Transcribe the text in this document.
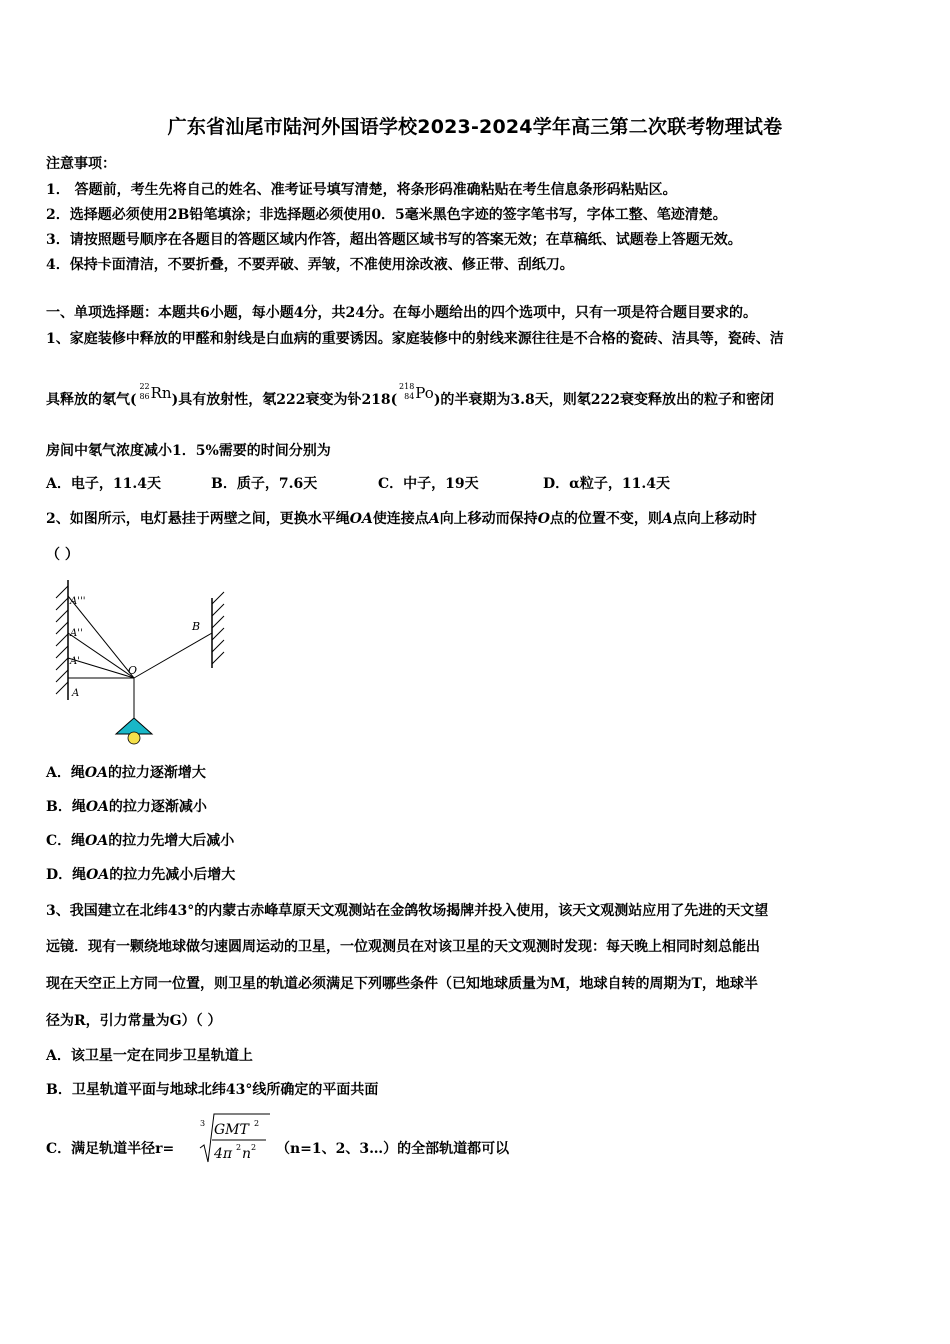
广东省汕尾市陆河外国语学校2023-2024学年高三第二次联考物理试卷
注意事项：
1． 答题前，考生先将自己的姓名、准考证号填写清楚，将条形码准确粘贴在考生信息条形码粘贴区。
2．选择题必须使用2B铅笔填涂；非选择题必须使用0．5毫米黑色字迹的签字笔书写，字体工整、笔迹清楚。
3．请按照题号顺序在各题目的答题区域内作答，超出答题区域书写的答案无效；在草稿纸、试题卷上答题无效。
4．保持卡面清洁，不要折叠，不要弄破、弄皱，不准使用涂改液、修正带、刮纸刀。
一、单项选择题：本题共6小题，每小题4分，共24分。在每小题给出的四个选项中，只有一项是符合题目要求的。
1、家庭装修中释放的甲醛和射线是白血病的重要诱因。家庭装修中的射线来源往往是不合格的瓷砖、洁具等，瓷砖、洁
具释放的氡气(
22
86 Rn)具有放射性，氡222衰变为钋218(
218
84 Po)的半衰期为3.8天，则氡222衰变释放出的粒子和密闭
房间中氡气浓度减小1．5%需要的时间分别为
A．电子，11.4天	B．质子，7.6天	C．中子，19天	D．α粒子，11.4天
2、如图所示，电灯悬挂于两壁之间，更换水平绳OA使连接点A向上移动而保持O点的位置不变，则A点向上移动时
（ ）
A'''
A''
A'
A
O
B
A．绳OA的拉力逐渐增大
B．绳OA的拉力逐渐减小
C．绳OA的拉力先增大后减小
D．绳OA的拉力先减小后增大
3、我国建立在北纬43°的内蒙古赤峰草原天文观测站在金鸽牧场揭牌并投入使用，该天文观测站应用了先进的天文望
远镜．现有一颗绕地球做匀速圆周运动的卫星，一位观测员在对该卫星的天文观测时发现：每天晚上相同时刻总能出
现在天空正上方同一位置，则卫星的轨道必须满足下列哪些条件（已知地球质量为M，地球自转的周期为T，地球半
径为R，引力常量为G）（ ）
A．该卫星一定在同步卫星轨道上
B．卫星轨道平面与地球北纬43°线所确定的平面共面
C．满足轨道半径r=
3 GMT 2
4π 2 n 2 （n=1、2、3…）的全部轨道都可以
